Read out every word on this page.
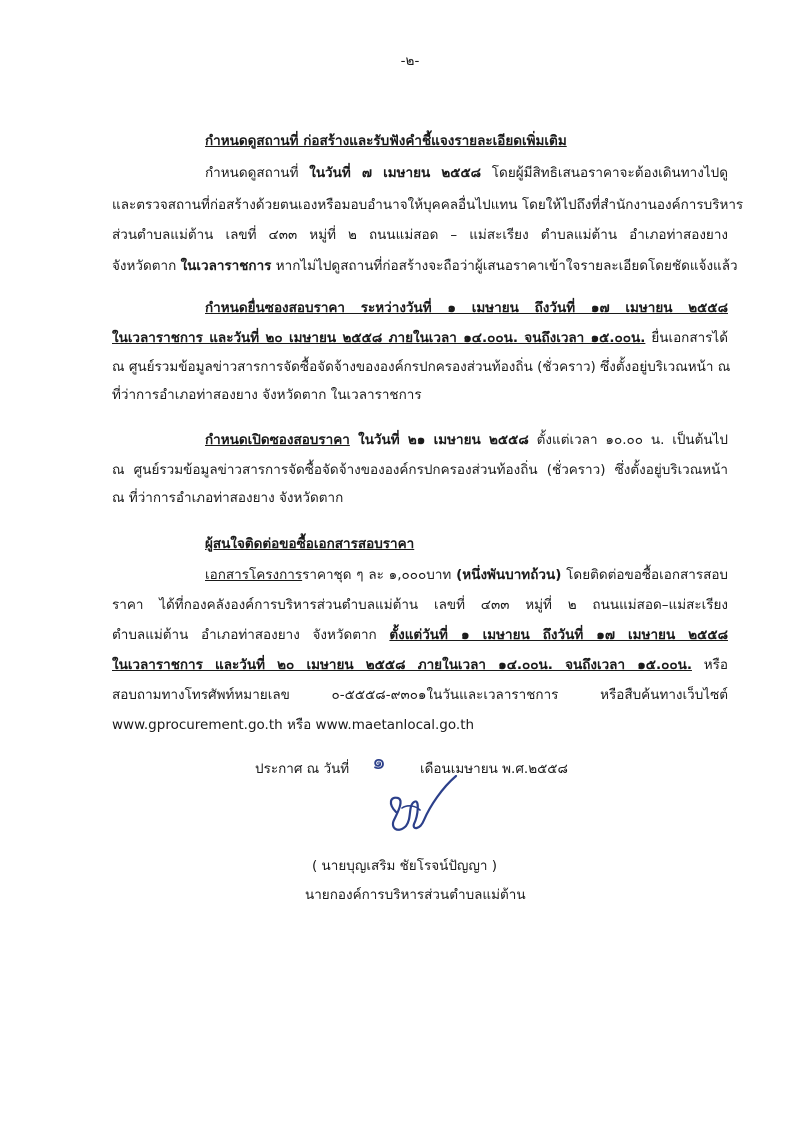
-๒-
กำหนดดูสถานที่ ก่อสร้างและรับฟังคำชี้แจงรายละเอียดเพิ่มเติม
กำหนดดูสถานที่ ในวันที่ ๗ เมษายน ๒๕๕๘ โดยผู้มีสิทธิเสนอราคาจะต้องเดินทางไปดู
และตรวจสถานที่ก่อสร้างด้วยตนเองหรือมอบอำนาจให้บุคคลอื่นไปแทน โดยให้ไปถึงที่สำนักงานองค์การบริหาร
ส่วนตำบลแม่ต้าน เลขที่ ๔๓๓ หมู่ที่ ๒ ถนนแม่สอด – แม่สะเรียง ตำบลแม่ต้าน อำเภอท่าสองยาง
จังหวัดตาก ในเวลาราชการ หากไม่ไปดูสถานที่ก่อสร้างจะถือว่าผู้เสนอราคาเข้าใจรายละเอียดโดยชัดแจ้งแล้ว
กำหนดยื่นซองสอบราคา ระหว่างวันที่ ๑ เมษายน ถึงวันที่ ๑๗ เมษายน ๒๕๕๘
ในเวลาราชการ และวันที่ ๒๐ เมษายน ๒๕๕๘ ภายในเวลา ๑๔.๐๐น. จนถึงเวลา ๑๕.๐๐น. ยื่นเอกสารได้
ณ ศูนย์รวมข้อมูลข่าวสารการจัดซื้อจัดจ้างขององค์กรปกครองส่วนท้องถิ่น (ชั่วคราว) ซึ่งตั้งอยู่บริเวณหน้า ณ
ที่ว่าการอำเภอท่าสองยาง จังหวัดตาก ในเวลาราชการ
กำหนดเปิดซองสอบราคา ในวันที่ ๒๑ เมษายน ๒๕๕๘ ตั้งแต่เวลา ๑๐.๐๐ น. เป็นต้นไป
ณ ศูนย์รวมข้อมูลข่าวสารการจัดซื้อจัดจ้างขององค์กรปกครองส่วนท้องถิ่น (ชั่วคราว) ซึ่งตั้งอยู่บริเวณหน้า
ณ ที่ว่าการอำเภอท่าสองยาง จังหวัดตาก
ผู้สนใจติดต่อขอซื้อเอกสารสอบราคา
เอกสารโครงการราคาชุด ๆ ละ ๑,๐๐๐บาท (หนึ่งพันบาทถ้วน) โดยติดต่อขอซื้อเอกสารสอบ
ราคา ได้ที่กองคลังองค์การบริหารส่วนตำบลแม่ต้าน เลขที่ ๔๓๓ หมู่ที่ ๒ ถนนแม่สอด–แม่สะเรียง
ตำบลแม่ต้าน อำเภอท่าสองยาง จังหวัดตาก ตั้งแต่วันที่ ๑ เมษายน ถึงวันที่ ๑๗ เมษายน ๒๕๕๘
ในเวลาราชการ และวันที่ ๒๐ เมษายน ๒๕๕๘ ภายในเวลา ๑๔.๐๐น. จนถึงเวลา ๑๕.๐๐น. หรือ
สอบถามทางโทรศัพท์หมายเลข ๐-๕๕๕๘-๙๓๐๑ในวันและเวลาราชการ หรือสืบค้นทางเว็บไซต์
www.gprocurement.go.th หรือ www.maetanlocal.go.th
ประกาศ ณ วันที่ ๑	เดือนเมษายน พ.ศ.๒๕๕๘
( นายบุญเสริม ชัยโรจน์ปัญญา )
นายกองค์การบริหารส่วนตำบลแม่ต้าน
